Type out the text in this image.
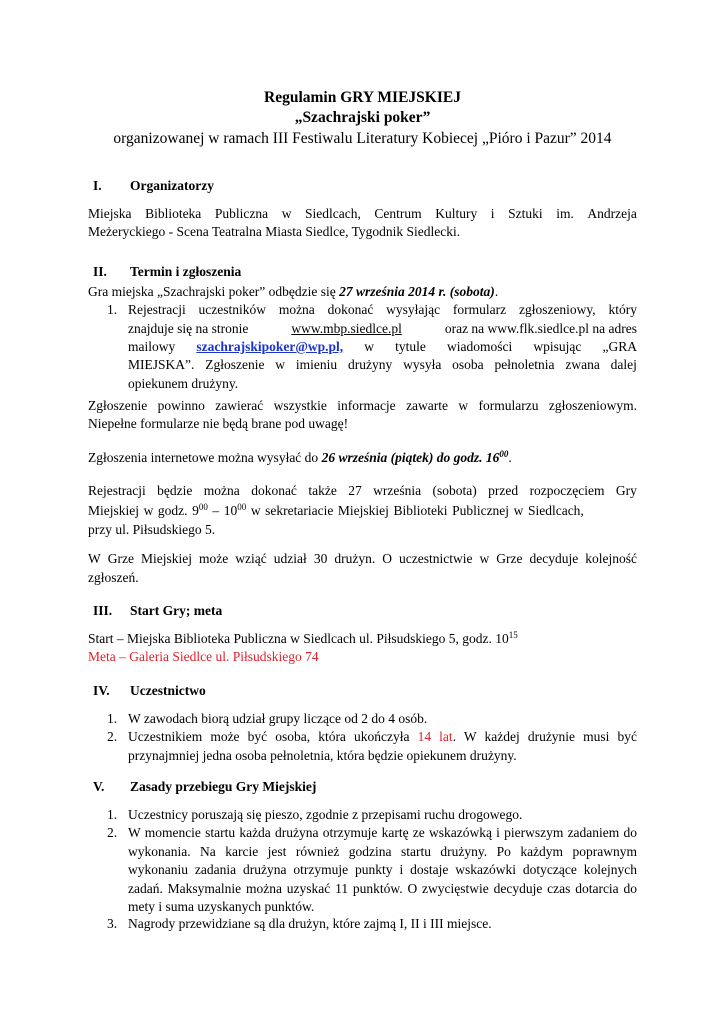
Regulamin GRY MIEJSKIEJ
„Szachrajski poker”
organizowanej w ramach III Festiwalu Literatury Kobiecej „Pióro i Pazur” 2014
I. Organizatorzy
Miejska Biblioteka Publiczna w Siedlcach, Centrum Kultury i Sztuki im. Andrzeja
Meżeryckiego - Scena Teatralna Miasta Siedlce, Tygodnik Siedlecki.
II. Termin i zgłoszenia
Gra miejska „Szachrajski poker” odbędzie się 27 września 2014 r. (sobota).
1. Rejestracji uczestników można dokonać wysyłając formularz zgłoszeniowy, który
znajduje się na stronie	www.mbp.siedlce.pl	oraz na www.flk.siedlce.pl na adres
mailowy szachrajskipoker@wp.pl, w tytule wiadomości wpisując „GRA
MIEJSKA”. Zgłoszenie w imieniu drużyny wysyła osoba pełnoletnia zwana dalej
opiekunem drużyny.
Zgłoszenie powinno zawierać wszystkie informacje zawarte w formularzu zgłoszeniowym.
Niepełne formularze nie będą brane pod uwagę!
Zgłoszenia internetowe można wysyłać do 26 września (piątek) do godz. $16^{00}$.
Rejestracji będzie można dokonać także 27 września (sobota) przed rozpoczęciem Gry
Miejskiej w godz. $9^{00} - 10^{00}$ w sekretariacie Miejskiej Biblioteki Publicznej w Siedlcach,
przy ul. Piłsudskiego 5.
W Grze Miejskiej może wziąć udział 30 drużyn. O uczestnictwie w Grze decyduje kolejność
zgłoszeń.
III. Start Gry; meta
Start – Miejska Biblioteka Publiczna w Siedlcach ul. Piłsudskiego 5, godz. $10^{15}$
Meta – Galeria Siedlce ul. Piłsudskiego 74
IV. Uczestnictwo
1. W zawodach biorą udział grupy liczące od 2 do 4 osób.
2. Uczestnikiem może być osoba, która ukończyła 14 lat. W każdej drużynie musi być przynajmniej jedna osoba pełnoletnia, która będzie opiekunem drużyny.
V. Zasady przebiegu Gry Miejskiej
1. Uczestnicy poruszają się pieszo, zgodnie z przepisami ruchu drogowego.
2. W momencie startu każda drużyna otrzymuje kartę ze wskazówką i pierwszym zadaniem do wykonania. Na karcie jest również godzina startu drużyny. Po każdym poprawnym wykonaniu zadania drużyna otrzymuje punkty i dostaje wskazówki dotyczące kolejnych zadań. Maksymalnie można uzyskać 11 punktów. O zwycięstwie decyduje czas dotarcia do mety i suma uzyskanych punktów.
3. Nagrody przewidziane są dla drużyn, które zajmą I, II i III miejsce.
